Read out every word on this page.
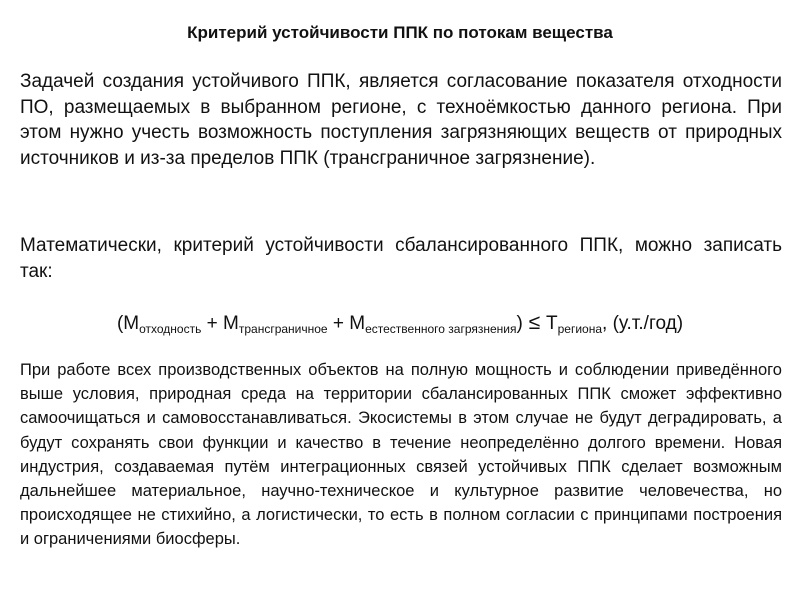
Критерий устойчивости ППК по потокам вещества
Задачей создания устойчивого ППК, является согласование показателя отходности ПО, размещаемых в выбранном регионе, с техноёмкостью данного региона. При этом нужно учесть возможность поступления загрязняющих веществ от природных источников и из-за пределов ППК (трансграничное загрязнение).
Математически, критерий устойчивости сбалансированного ППК, можно записать так:
$(M_{отходность} + M_{трансграничное} + M_{естественного загрязнения}) \le T_{региона}$, (у.т./год)
При работе всех производственных объектов на полную мощность и соблюдении приведённого выше условия, природная среда на территории сбалансированных ППК сможет эффективно самоочищаться и самовосстанавливаться. Экосистемы в этом случае не будут деградировать, а будут сохранять свои функции и качество в течение неопределённо долгого времени. Новая индустрия, создаваемая путём интеграционных связей устойчивых ППК сделает возможным дальнейшее материальное, научно-техническое и культурное развитие человечества, но происходящее не стихийно, а логистически, то есть в полном согласии с принципами построения и ограничениями биосферы.
